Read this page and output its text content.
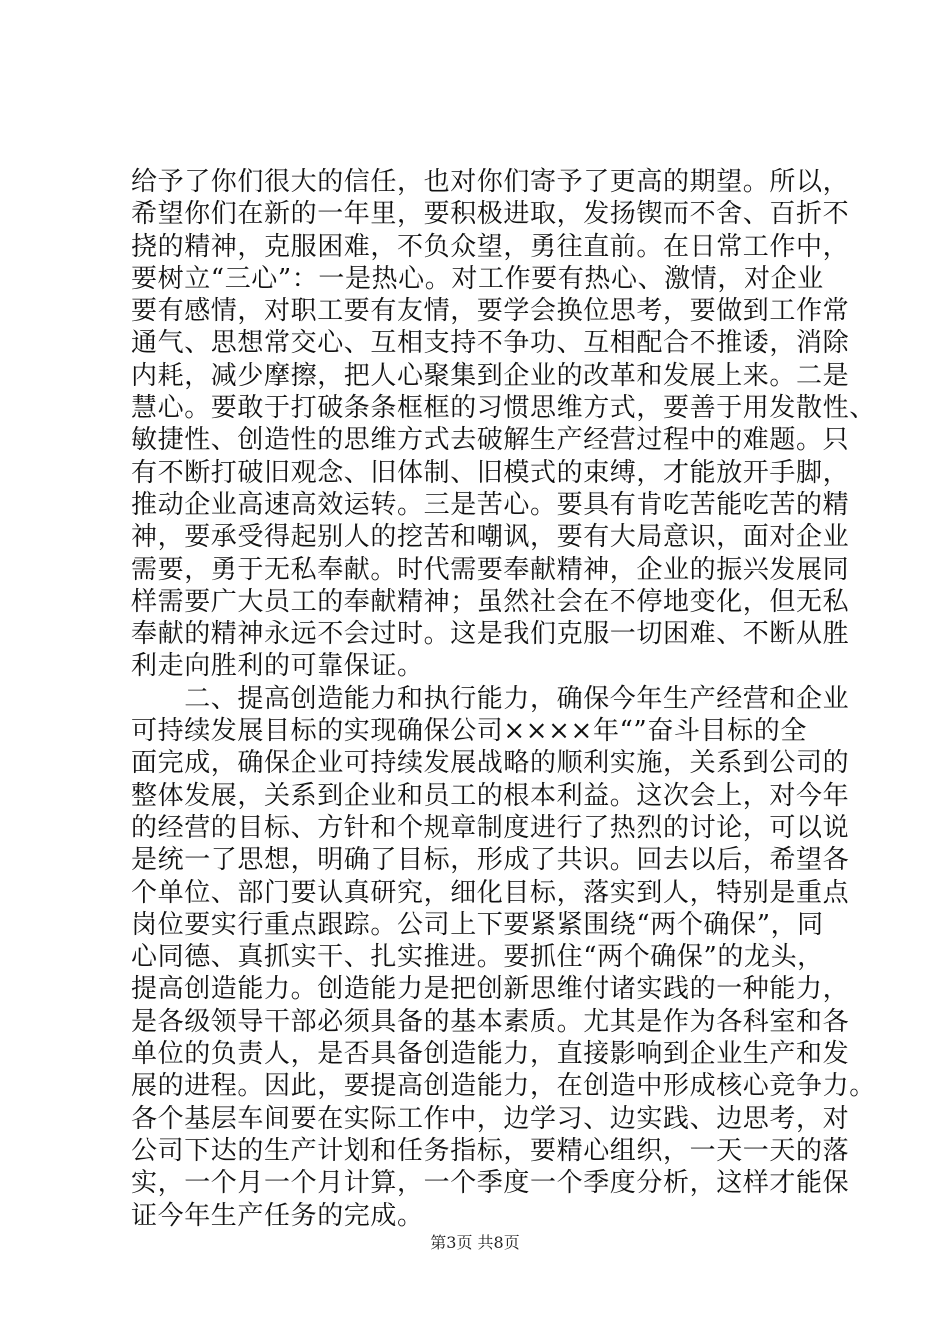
给予了你们很大的信任，也对你们寄予了更高的期望。所以，
希望你们在新的一年里，要积极进取，发扬锲而不舍、百折不
挠的精神，克服困难，不负众望，勇往直前。在日常工作中，
要树立“三心”：一是热心。对工作要有热心、激情，对企业
要有感情，对职工要有友情，要学会换位思考，要做到工作常
通气、思想常交心、互相支持不争功、互相配合不推诿，消除
内耗，减少摩擦，把人心聚集到企业的改革和发展上来。二是
慧心。要敢于打破条条框框的习惯思维方式，要善于用发散性、
敏捷性、创造性的思维方式去破解生产经营过程中的难题。只
有不断打破旧观念、旧体制、旧模式的束缚，才能放开手脚，
推动企业高速高效运转。三是苦心。要具有肯吃苦能吃苦的精
神，要承受得起别人的挖苦和嘲讽，要有大局意识，面对企业
需要，勇于无私奉献。时代需要奉献精神，企业的振兴发展同
样需要广大员工的奉献精神；虽然社会在不停地变化，但无私
奉献的精神永远不会过时。这是我们克服一切困难、不断从胜
利走向胜利的可靠保证。
　　二、提高创造能力和执行能力，确保今年生产经营和企业
可持续发展目标的实现确保公司××××年“”奋斗目标的全
面完成，确保企业可持续发展战略的顺利实施，关系到公司的
整体发展，关系到企业和员工的根本利益。这次会上，对今年
的经营的目标、方针和个规章制度进行了热烈的讨论，可以说
是统一了思想，明确了目标，形成了共识。回去以后，希望各
个单位、部门要认真研究，细化目标，落实到人，特别是重点
岗位要实行重点跟踪。公司上下要紧紧围绕“两个确保”，同
心同德、真抓实干、扎实推进。要抓住“两个确保”的龙头，
提高创造能力。创造能力是把创新思维付诸实践的一种能力，
是各级领导干部必须具备的基本素质。尤其是作为各科室和各
单位的负责人，是否具备创造能力，直接影响到企业生产和发
展的进程。因此，要提高创造能力，在创造中形成核心竞争力。
各个基层车间要在实际工作中，边学习、边实践、边思考，对
公司下达的生产计划和任务指标，要精心组织，一天一天的落
实，一个月一个月计算，一个季度一个季度分析，这样才能保
证今年生产任务的完成。
第3页 共8页
